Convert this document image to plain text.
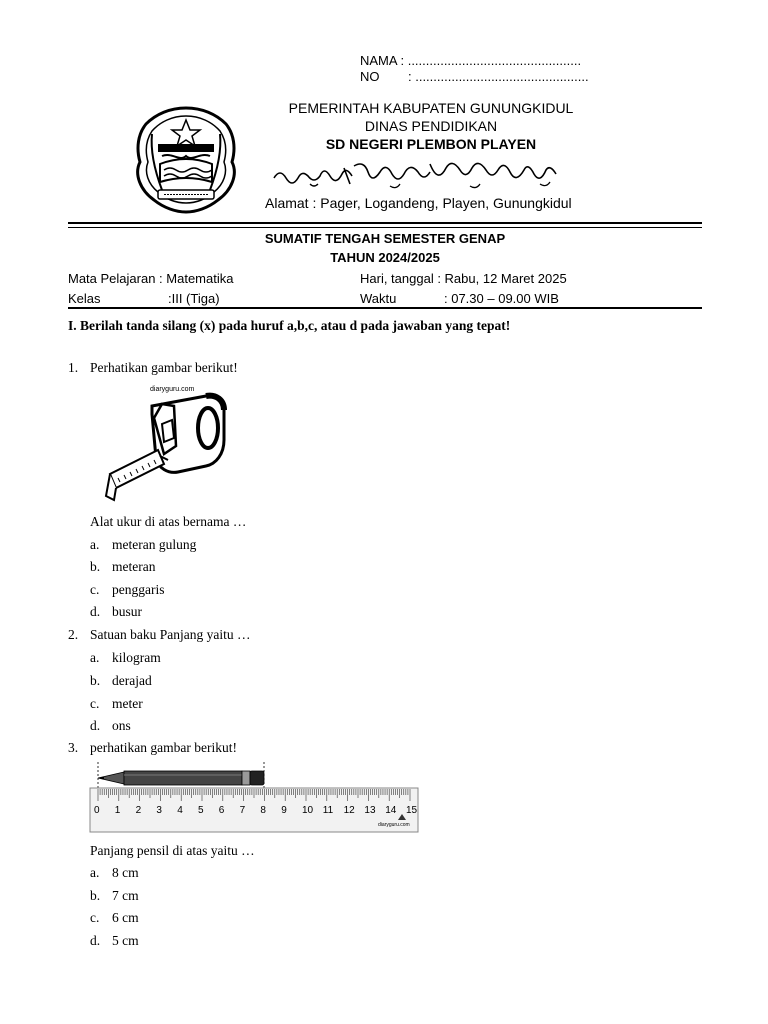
NAMA : ................................................
NO : ................................................
PEMERINTAH KABUPATEN GUNUNGKIDUL
DINAS PENDIDIKAN
SD NEGERI PLEMBON PLAYEN
Alamat : Pager, Logandeng, Playen, Gunungkidul
SUMATIF TENGAH SEMESTER GENAP
TAHUN 2024/2025
Mata Pelajaran : Matematika	Hari, tanggal : Rabu, 12 Maret 2025
Kelas	:III (Tiga)	Waktu	: 07.30 – 09.00 WIB
I. Berilah tanda silang (x) pada huruf a,b,c, atau d pada jawaban yang tepat!
1. Perhatikan gambar berikut!
diaryguru.com
Alat ukur di atas bernama …
a. meteran gulung
b. meteran
c. penggaris
d. busur
2. Satuan baku Panjang yaitu …
a. kilogram
b. derajad
c. meter
d. ons
3. perhatikan gambar berikut!
diaryguru.com
0 1 2 3 4 5 6 7 8 9 10 11 12 13 14 15
Panjang pensil di atas yaitu …
a. 8 cm
b. 7 cm
c. 6 cm
d. 5 cm
